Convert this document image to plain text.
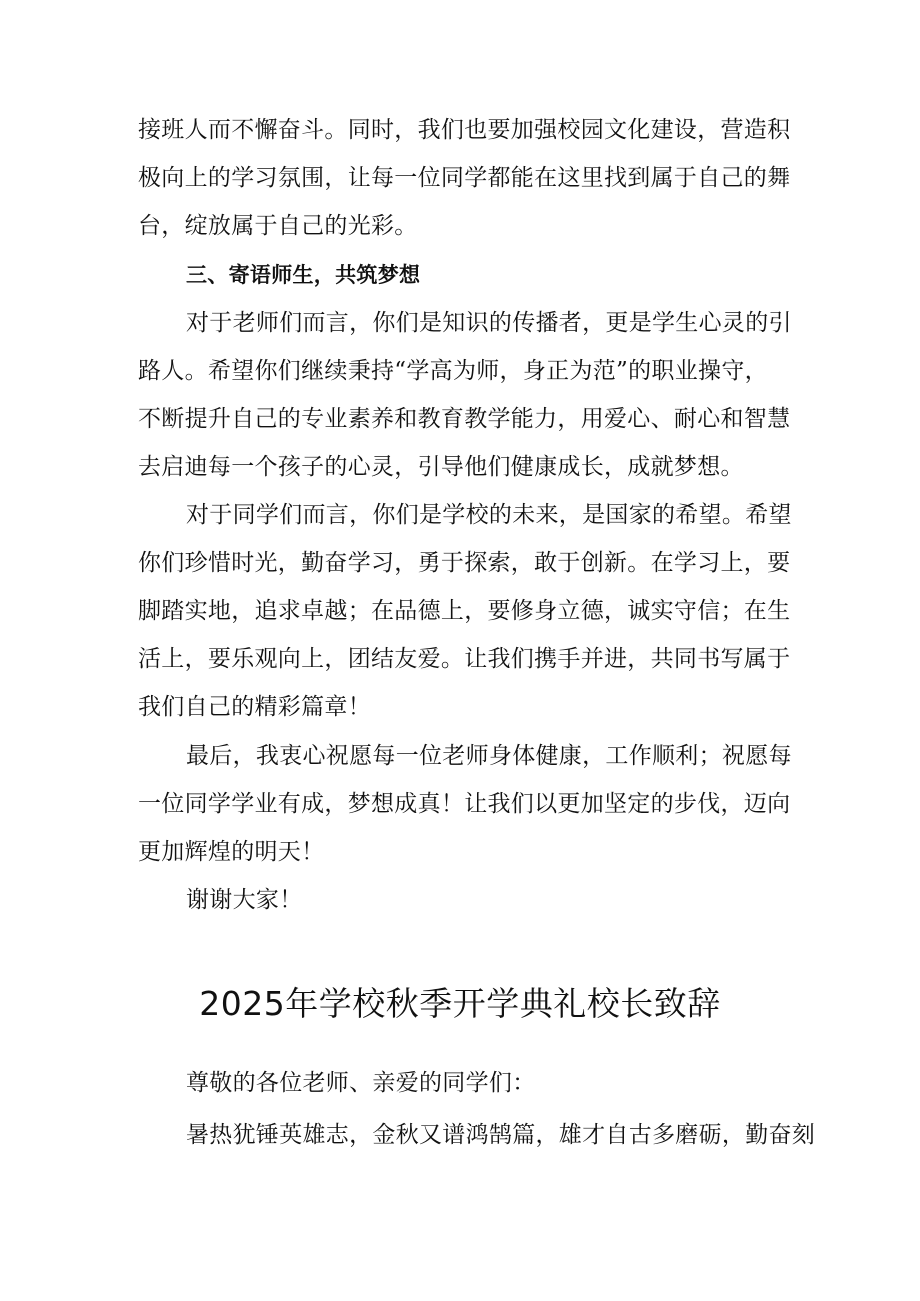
接班人而不懈奋斗。同时，我们也要加强校园文化建设，营造积
极向上的学习氛围，让每一位同学都能在这里找到属于自己的舞
台，绽放属于自己的光彩。
三、寄语师生，共筑梦想
对于老师们而言，你们是知识的传播者，更是学生心灵的引
路人。希望你们继续秉持“学高为师，身正为范”的职业操守，
不断提升自己的专业素养和教育教学能力，用爱心、耐心和智慧
去启迪每一个孩子的心灵，引导他们健康成长，成就梦想。
对于同学们而言，你们是学校的未来，是国家的希望。希望
你们珍惜时光，勤奋学习，勇于探索，敢于创新。在学习上，要
脚踏实地，追求卓越；在品德上，要修身立德，诚实守信；在生
活上，要乐观向上，团结友爱。让我们携手并进，共同书写属于
我们自己的精彩篇章！
最后，我衷心祝愿每一位老师身体健康，工作顺利；祝愿每
一位同学学业有成，梦想成真！让我们以更加坚定的步伐，迈向
更加辉煌的明天！
谢谢大家！
2025年学校秋季开学典礼校长致辞
尊敬的各位老师、亲爱的同学们：
暑热犹锤英雄志，金秋又谱鸿鹄篇，雄才自古多磨砺，勤奋刻
